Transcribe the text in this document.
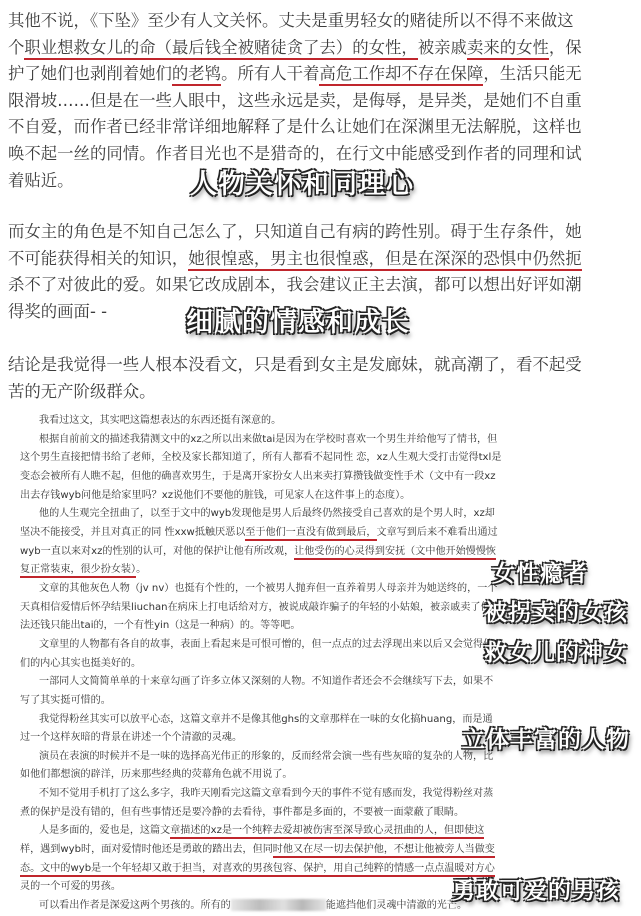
其他不说，《下坠》至少有人文关怀。丈夫是重男轻女的赌徒所以不得不来做这
个职业想救女儿的命（最后钱全被赌徒贪了去）的女性，被亲戚卖来的女性，保
护了她们也剥削着她们的老鸨。所有人干着高危工作却不存在保障，生活只能无
限滑坡……但是在一些人眼中，这些永远是卖，是侮辱，是异类，是她们不自重
不自爱，而作者已经非常详细地解释了是什么让她们在深渊里无法解脱，这样也
唤不起一丝的同情。作者目光也不是猎奇的，在行文中能感受到作者的同理和试
着贴近。
而女主的角色是不知自己怎么了，只知道自己有病的跨性别。碍于生存条件，她
不可能获得相关的知识，她很惶惑，男主也很惶惑，但是在深深的恐惧中仍然扼
杀不了对彼此的爱。如果它改成剧本，我会建议正主去演，都可以想出好评如潮
得奖的画面- -
结论是我觉得一些人根本没看文，只是看到女主是发廊妹，就高潮了，看不起受
苦的无产阶级群众。
我看过这文，其实吧这篇想表达的东西还挺有深意的。
根据自前前文的描述我猜测文中的xz之所以出来做tai是因为在学校时喜欢一个男生并给他写了情书，但
这个男生直接把情书给了老师，全校及家长都知道了，所有人都看不起同性 恋，xz人生观大受打击觉得txl是
变态会被所有人瞧不起，但他的确喜欢男生，于是离开家扮女人出来卖打算攒钱做变性手术（文中有一段xz
出去存钱wyb问他是给家里吗？xz说他们不要他的脏钱，可见家人在这件事上的态度）。
他的人生观完全扭曲了，以至于文中的wyb发现他是男人后最终仍然接受自己喜欢的是个男人时，xz却
坚决不能接受，并且对真正的同 性xxw抵触厌恶以至于他们一直没有做到最后，文章写到后来不难看出通过
wyb一直以来对xz的性别的认可，对他的保护让他有所改观，让他受伤的心灵得到安抚（文中他开始慢慢恢
复正常装束，很少扮女装）。
文章的其他灰色人物（jv nv）也挺有个性的，一个被男人抛弃但一直养着男人母亲并为她送终的，一个
天真相信爱情后怀孕结果liuchan在病床上打电话给对方，被说成敲诈骗子的年轻的小姑娘，被亲戚卖了但没
法还钱只能出tai的，一个有性yin（这是一种病）的。等等吧。
文章里的人物都有各自的故事，表面上看起来是可恨可憎的，但一点点的过去浮现出来以后又会觉得他
们的内心其实也挺美好的。
一部同人文简简单单的十来章勾画了许多立体又深刻的人物。不知道作者还会不会继续写下去，如果不
写了其实挺可惜的。
我觉得粉丝其实可以放平心态，这篇文章并不是像其他ghs的文章那样在一味的女化搞huang，而是通
过一个这样灰暗的背景在讲述一个个清澈的灵魂。
演员在表演的时候并不是一味的选择高光伟正的形象的，反而经常会演一些有些灰暗的复杂的人物，比
如他们都想演的辟洋，历来那些经典的荧幕角色就不用说了。
不知不觉用手机打了这么多字，我昨天刚看完这篇文章看到今天的事件不觉有感而发，我觉得粉丝对蒸
煮的保护是没有错的，但有些事情还是要冷静的去看待，事件都是多面的，不要被一面蒙蔽了眼睛。
人是多面的，爱也是，这篇文章描述的xz是一个纯粹去爱却被伤害至深导致心灵扭曲的人，但即使这
样，遇到wyb时，面对爱情时他还是勇敢的踏出去，但同时他又在尽一切去保护他，不想让他被旁人当做变
态。文中的wyb是一个年轻却又敢于担当，对喜欢的男孩包容、保护，用自己纯粹的情感一点点温暖对方心
灵的一个可爱的男孩。
可以看出作者是深爱这两个男孩的。所有的	能遮挡他们灵魂中清澈的光芒。
人物关怀和同理心
细腻的情感和成长
女性瘾者
被拐卖的女孩
救女儿的神女
立体丰富的人物
勇敢可爱的男孩
